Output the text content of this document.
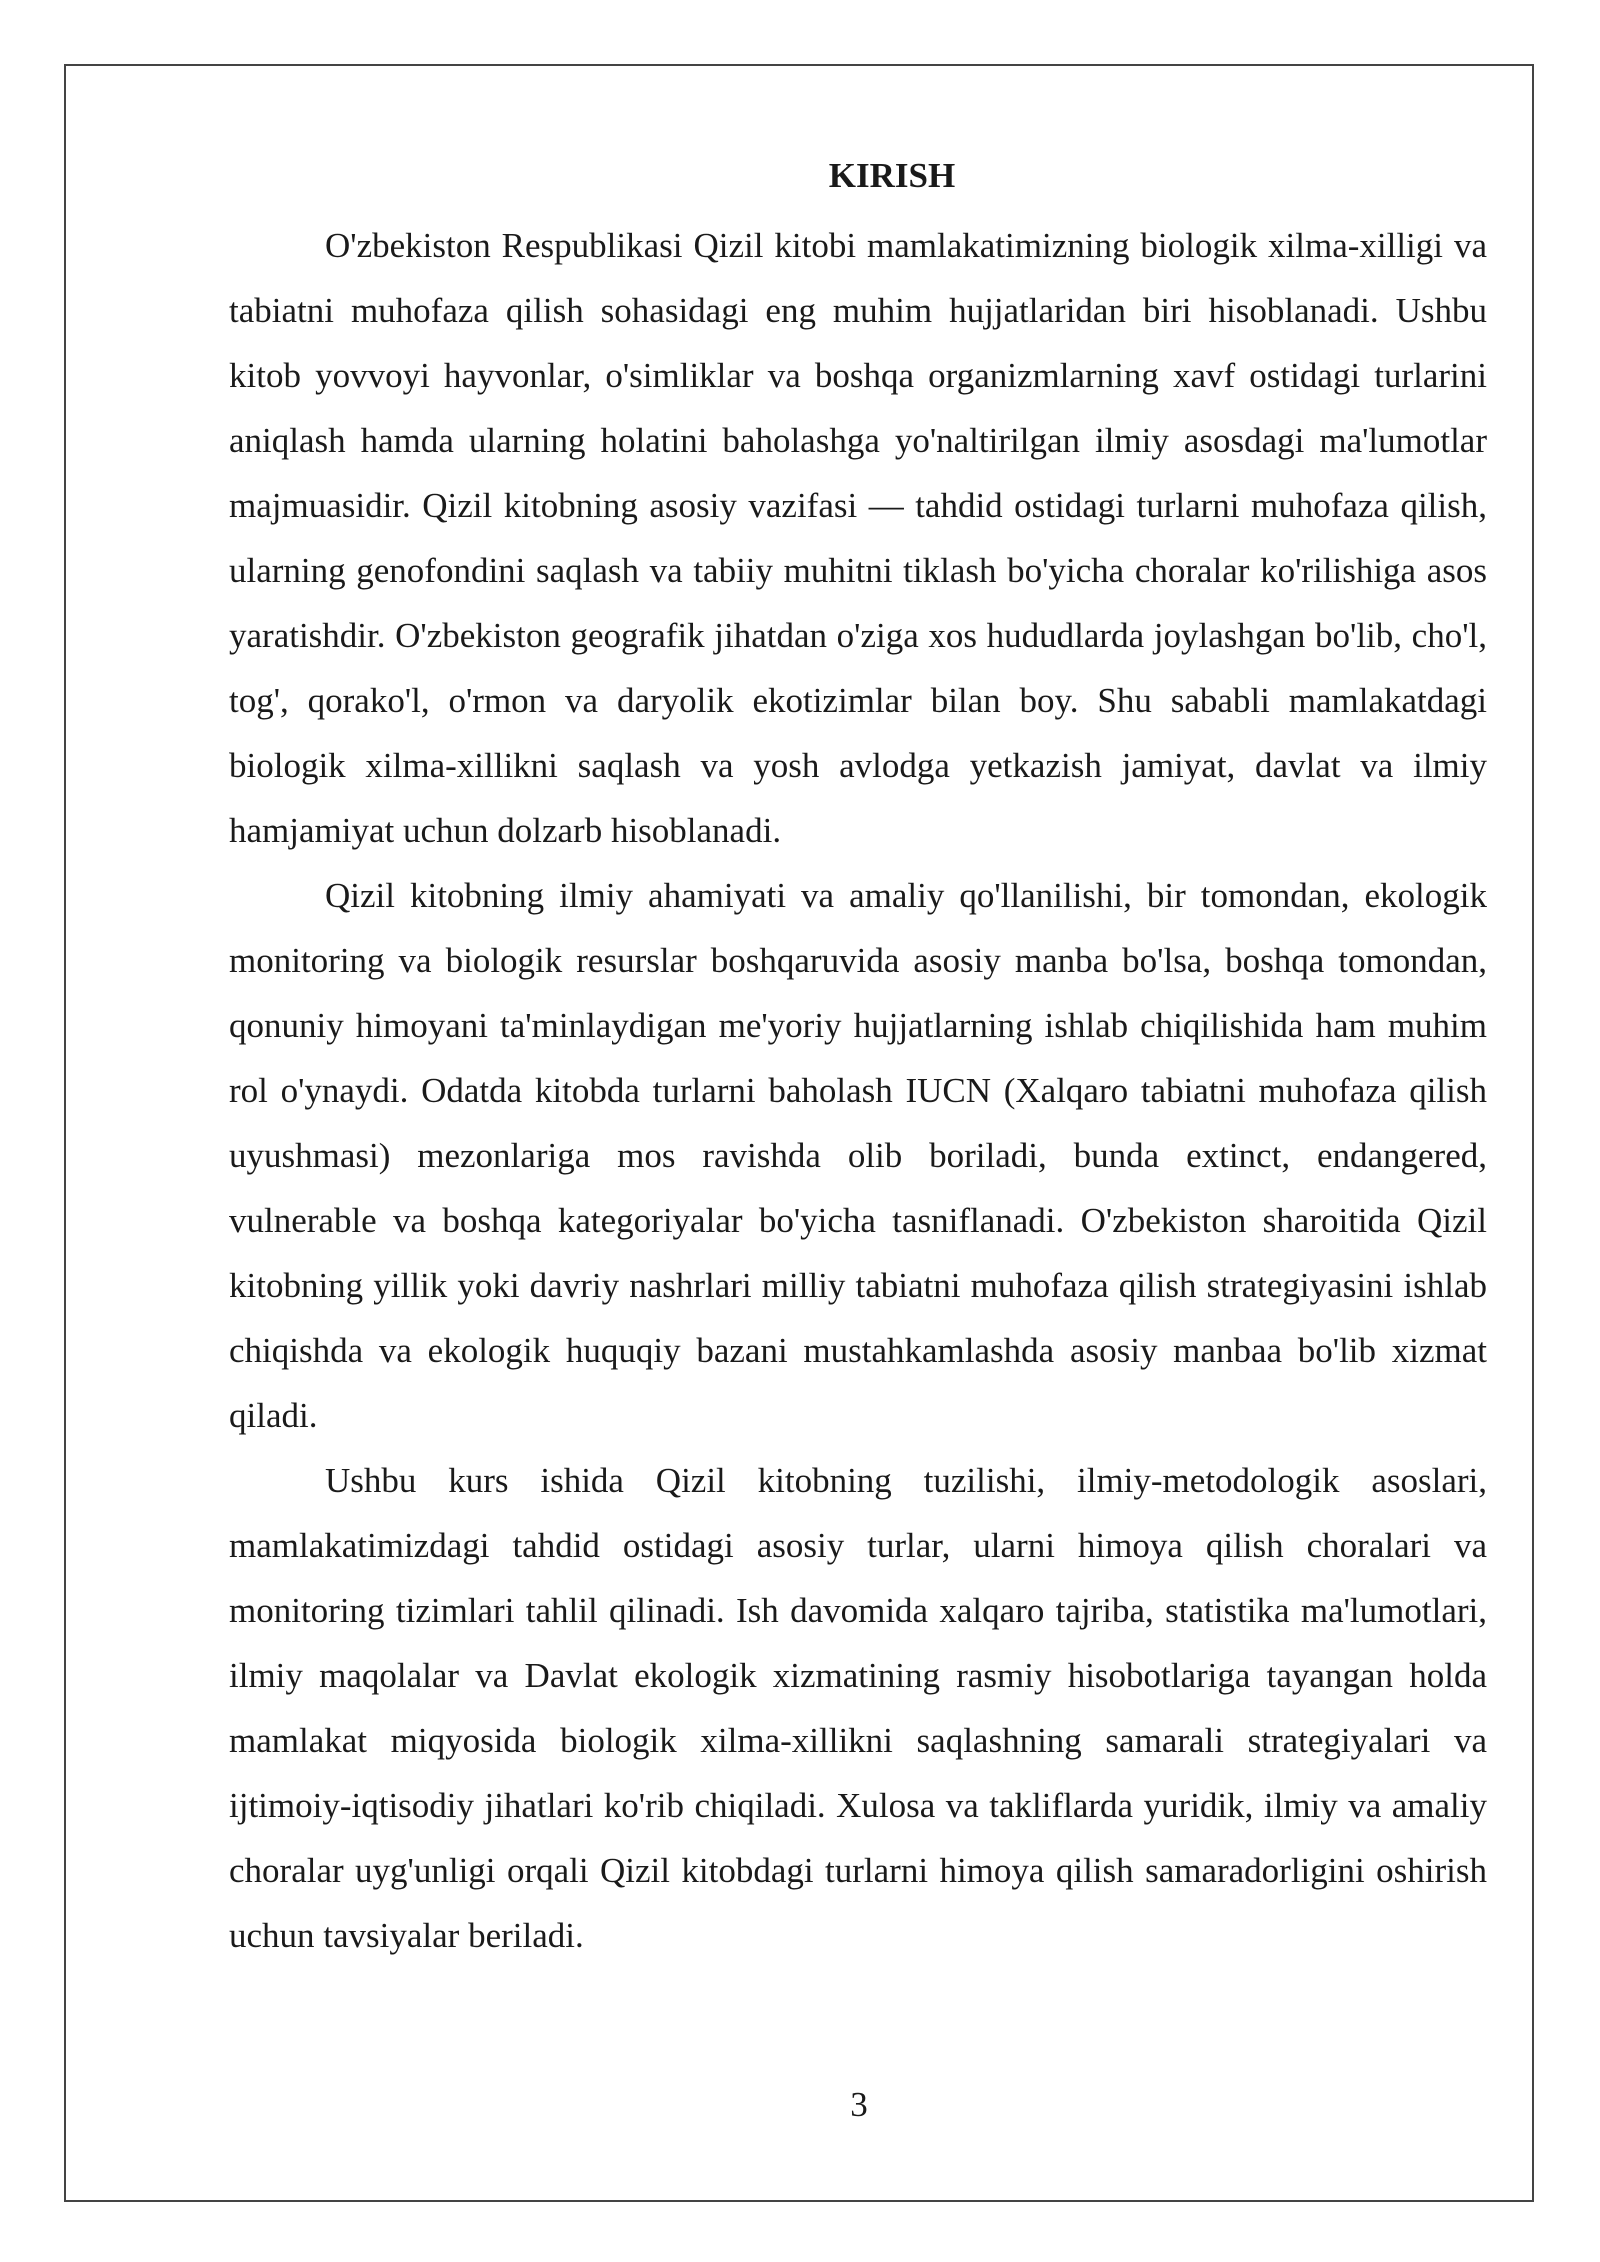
KIRISH

O'zbekiston Respublikasi Qizil kitobi mamlakatimizning biologik xilma-xilligi va tabiatni muhofaza qilish sohasidagi eng muhim hujjatlaridan biri hisoblanadi. Ushbu kitob yovvoyi hayvonlar, o'simliklar va boshqa organizmlarning xavf ostidagi turlarini aniqlash hamda ularning holatini baholashga yo'naltirilgan ilmiy asosdagi ma'lumotlar majmuasidir. Qizil kitobning asosiy vazifasi — tahdid ostidagi turlarni muhofaza qilish, ularning genofondini saqlash va tabiiy muhitni tiklash bo'yicha choralar ko'rilishiga asos yaratishdir. O'zbekiston geografik jihatdan o'ziga xos hududlarda joylashgan bo'lib, cho'l, tog', qorako'l, o'rmon va daryolik ekotizimlar bilan boy. Shu sababli mamlakatdagi biologik xilma-xillikni saqlash va yosh avlodga yetkazish jamiyat, davlat va ilmiy hamjamiyat uchun dolzarb hisoblanadi.

Qizil kitobning ilmiy ahamiyati va amaliy qo'llanilishi, bir tomondan, ekologik monitoring va biologik resurslar boshqaruvida asosiy manba bo'lsa, boshqa tomondan, qonuniy himoyani ta'minlaydigan me'yoriy hujjatlarning ishlab chiqilishida ham muhim rol o'ynaydi. Odatda kitobda turlarni baholash IUCN (Xalqaro tabiatni muhofaza qilish uyushmasi) mezonlariga mos ravishda olib boriladi, bunda extinct, endangered, vulnerable va boshqa kategoriyalar bo'yicha tasniflanadi. O'zbekiston sharoitida Qizil kitobning yillik yoki davriy nashrlari milliy tabiatni muhofaza qilish strategiyasini ishlab chiqishda va ekologik huquqiy bazani mustahkamlashda asosiy manbaa bo'lib xizmat qiladi.

Ushbu kurs ishida Qizil kitobning tuzilishi, ilmiy-metodologik asoslari, mamlakatimizdagi tahdid ostidagi asosiy turlar, ularni himoya qilish choralari va monitoring tizimlari tahlil qilinadi. Ish davomida xalqaro tajriba, statistika ma'lumotlari, ilmiy maqolalar va Davlat ekologik xizmatining rasmiy hisobotlariga tayangan holda mamlakat miqyosida biologik xilma-xillikni saqlashning samarali strategiyalari va ijtimoiy-iqtisodiy jihatlari ko'rib chiqiladi. Xulosa va takliflarda yuridik, ilmiy va amaliy choralar uyg'unligi orqali Qizil kitobdagi turlarni himoya qilish samaradorligini oshirish uchun tavsiyalar beriladi.

3
